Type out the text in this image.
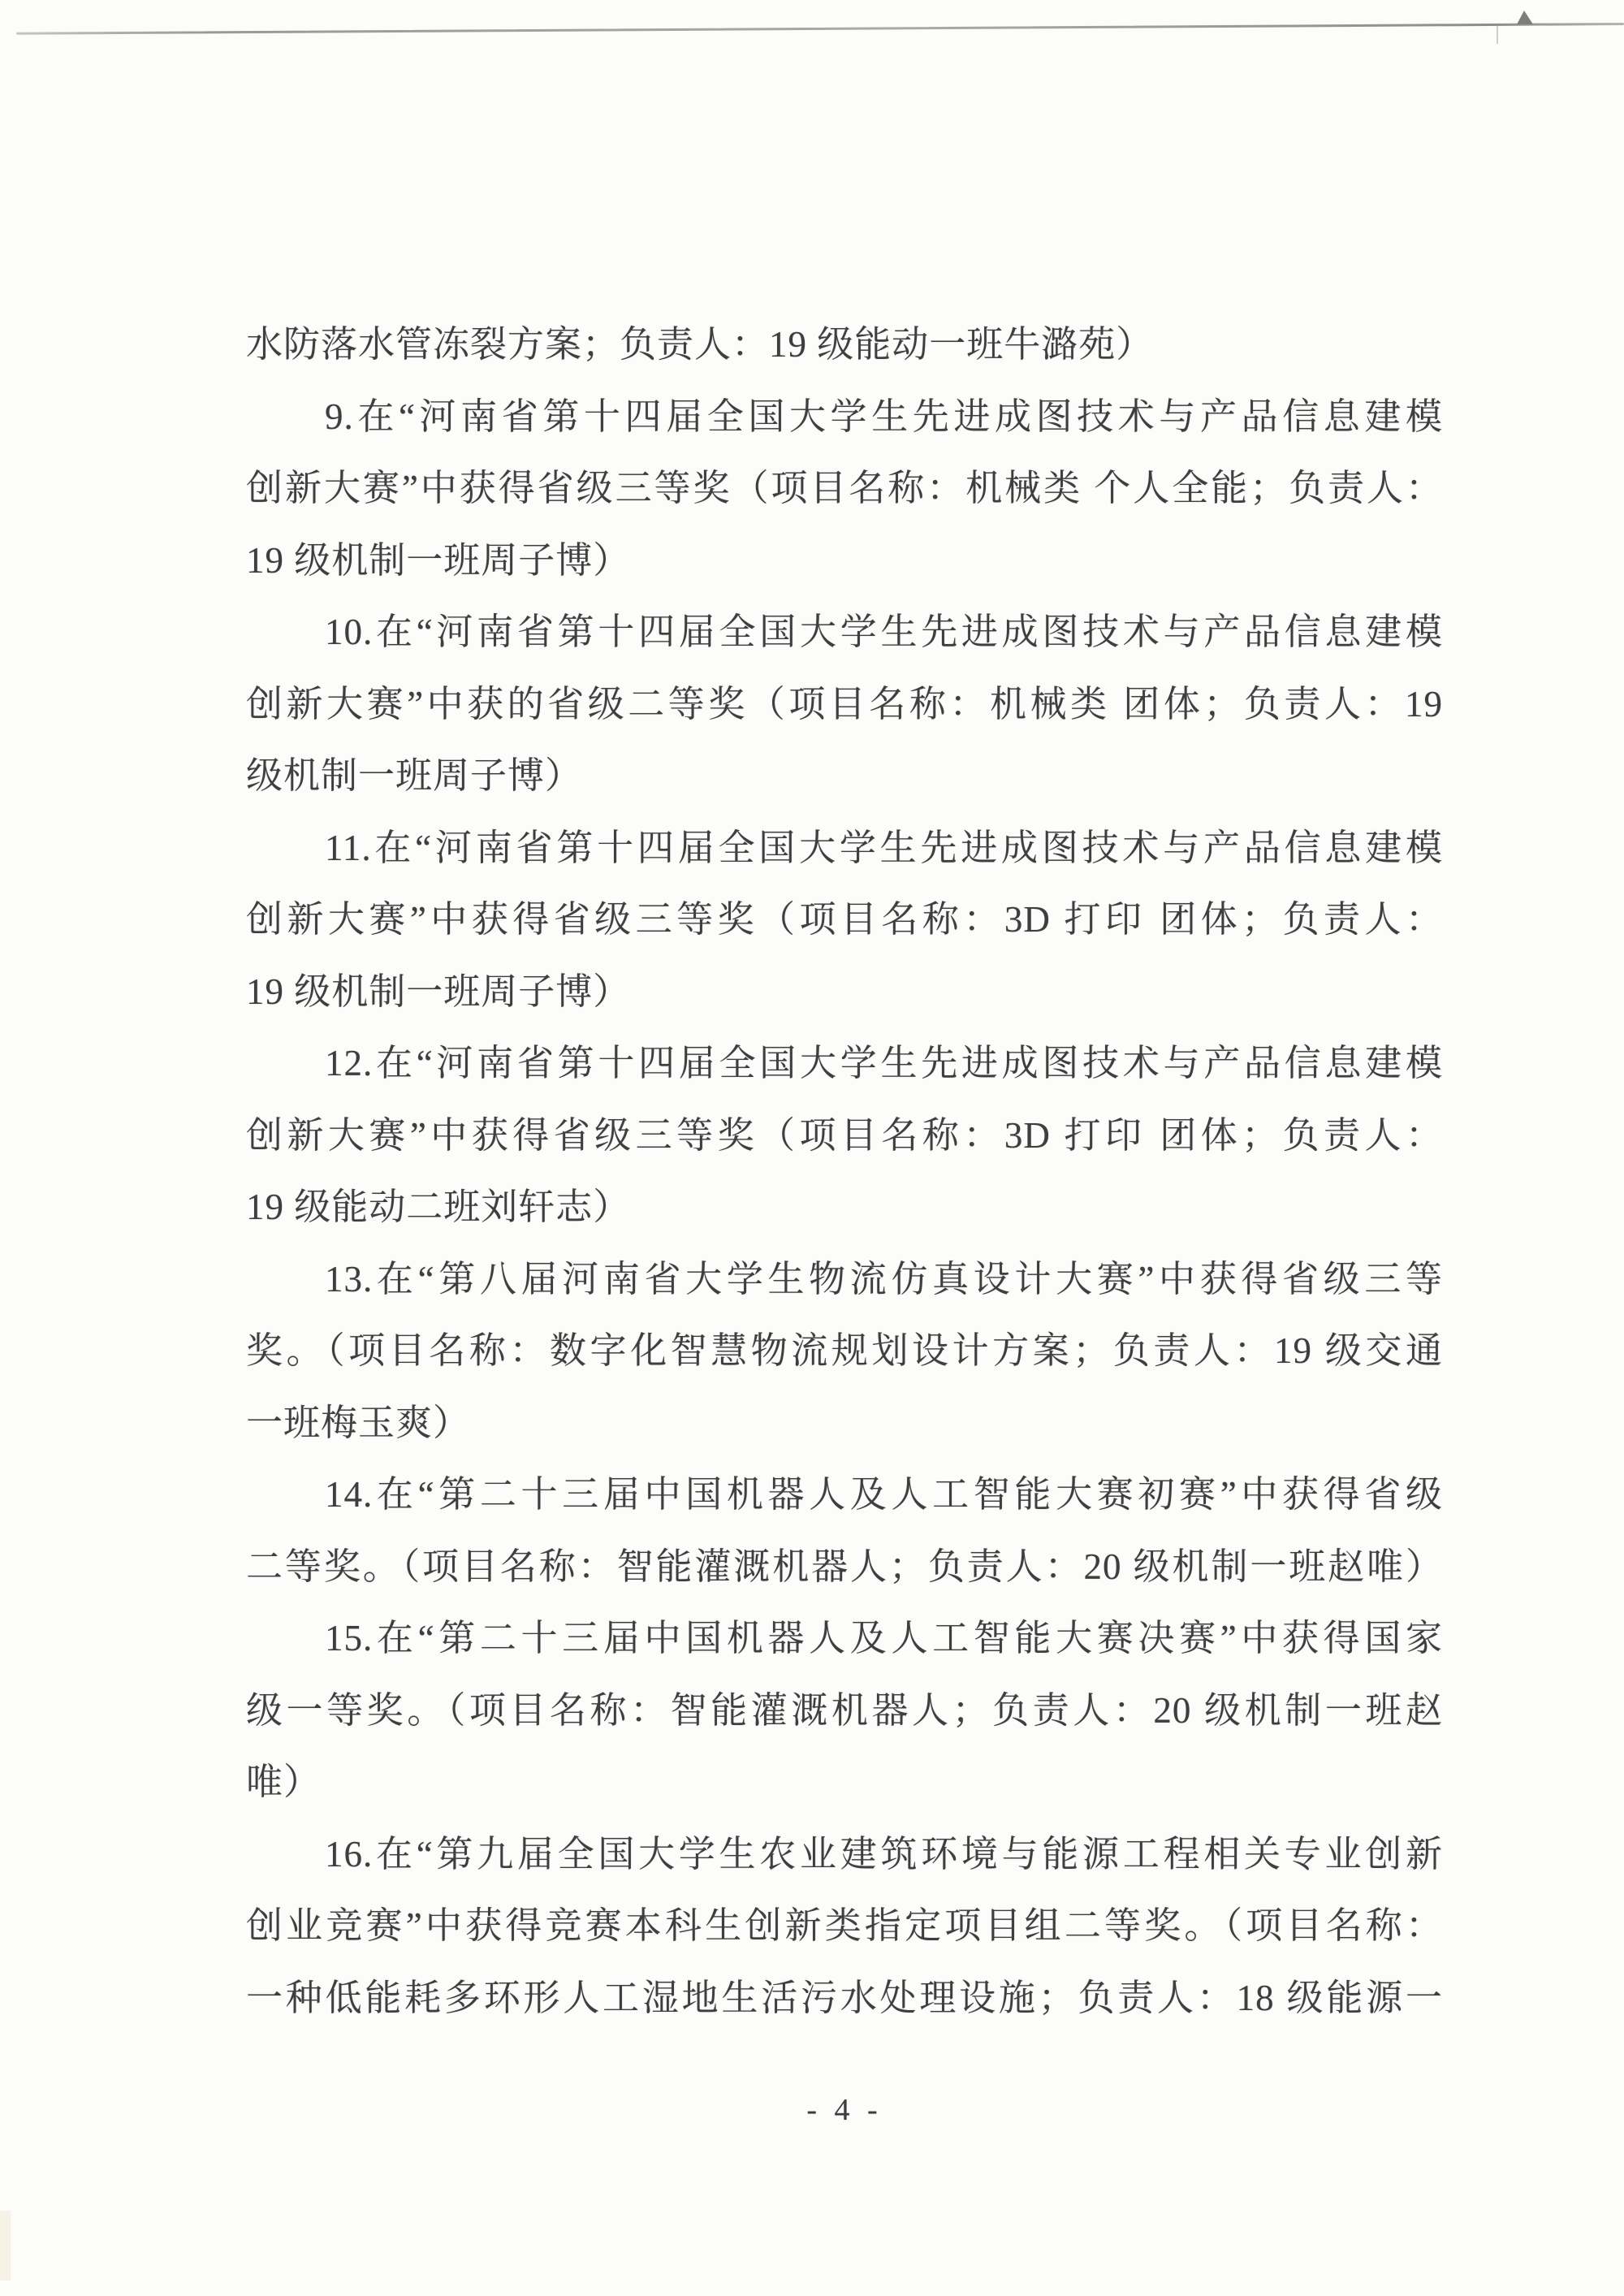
水防落水管冻裂方案；负责人：19 级能动一班牛潞苑）
9.在“河南省第十四届全国大学生先进成图技术与产品信息建模
创新大赛”中获得省级三等奖（项目名称：机械类 个人全能；负责人：
19 级机制一班周子博）
10.在“河南省第十四届全国大学生先进成图技术与产品信息建模
创新大赛”中获的省级二等奖（项目名称：机械类 团体；负责人：19
级机制一班周子博）
11.在“河南省第十四届全国大学生先进成图技术与产品信息建模
创新大赛”中获得省级三等奖（项目名称：3D 打印 团体；负责人：
19 级机制一班周子博）
12.在“河南省第十四届全国大学生先进成图技术与产品信息建模
创新大赛”中获得省级三等奖（项目名称：3D 打印 团体；负责人：
19 级能动二班刘轩志）
13.在“第八届河南省大学生物流仿真设计大赛”中获得省级三等
奖。（项目名称：数字化智慧物流规划设计方案；负责人：19 级交通
一班梅玉爽）
14.在“第二十三届中国机器人及人工智能大赛初赛”中获得省级
二等奖。（项目名称：智能灌溉机器人；负责人：20 级机制一班赵唯）
15.在“第二十三届中国机器人及人工智能大赛决赛”中获得国家
级一等奖。（项目名称：智能灌溉机器人；负责人：20 级机制一班赵
唯）
16.在“第九届全国大学生农业建筑环境与能源工程相关专业创新
创业竞赛”中获得竞赛本科生创新类指定项目组二等奖。（项目名称：
一种低能耗多环形人工湿地生活污水处理设施；负责人：18 级能源一
- 4 -
